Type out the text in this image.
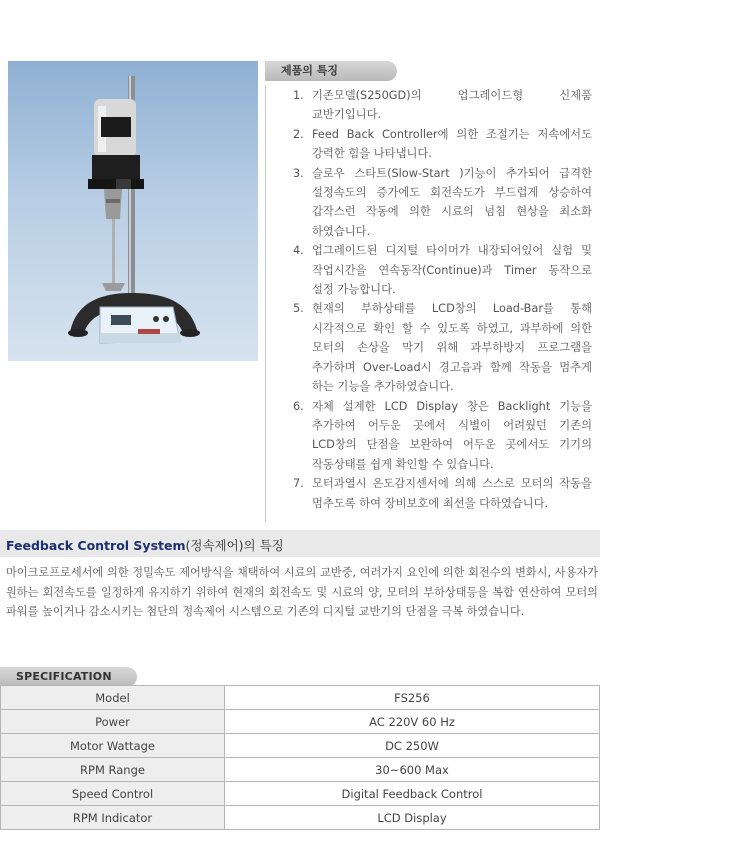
제품의 특징
1. 기존모델(S250GD)의 업그레이드형 신제품 교반기입니다.
2. Feed Back Controller에 의한 조절기는 저속에서도 강력한 힘을 나타냅니다.
3. 슬로우 스타트(Slow-Start )기능이 추가되어 급격한 설정속도의 증가에도 회전속도가 부드럽게 상승하여 갑작스런 작동에 의한 시료의 넘침 현상을 최소화 하였습니다.
4. 업그레이드된 디지털 타이머가 내장되어있어 실험 및 작업시간을 연속동작(Continue)과 Timer 동작으로 설정 가능합니다.
5. 현재의 부하상태를 LCD창의 Load-Bar를 통해 시각적으로 확인 할 수 있도록 하였고, 과부하에 의한 모터의 손상을 막기 위해 과부하방지 프로그램을 추가하며 Over-Load시 경고음과 함께 작동을 멈추게 하는 기능을 추가하였습니다.
6. 자체 설계한 LCD Display 창은 Backlight 기능을 추가하여 어두운 곳에서 식별이 어려웠던 기존의 LCD창의 단점을 보완하여 어두운 곳에서도 기기의 작동상태를 쉽게 확인할 수 있습니다.
7. 모터과열시 온도감지센서에 의해 스스로 모터의 작동을 멈추도록 하여 장비보호에 최선을 다하였습니다.
Feedback Control System(정속제어)의 특징
마이크로프로세서에 의한 정밀속도 제어방식을 채택하여 시료의 교반중, 여러가지 요인에 의한 회전수의 변화시, 사용자가 원하는 회전속도를 일정하게 유지하기 위하여 현재의 회전속도 및 시료의 양, 모터의 부하상태등을 복합 연산하여 모터의 파워를 높이거나 감소시키는 첨단의 정속제어 시스템으로 기존의 디지털 교반기의 단점을 극복 하였습니다.
SPECIFICATION
Model	FS256
Power	AC 220V 60 Hz
Motor Wattage	DC 250W
RPM Range	30~600 Max
Speed Control	Digital Feedback Control
RPM Indicator	LCD Display
